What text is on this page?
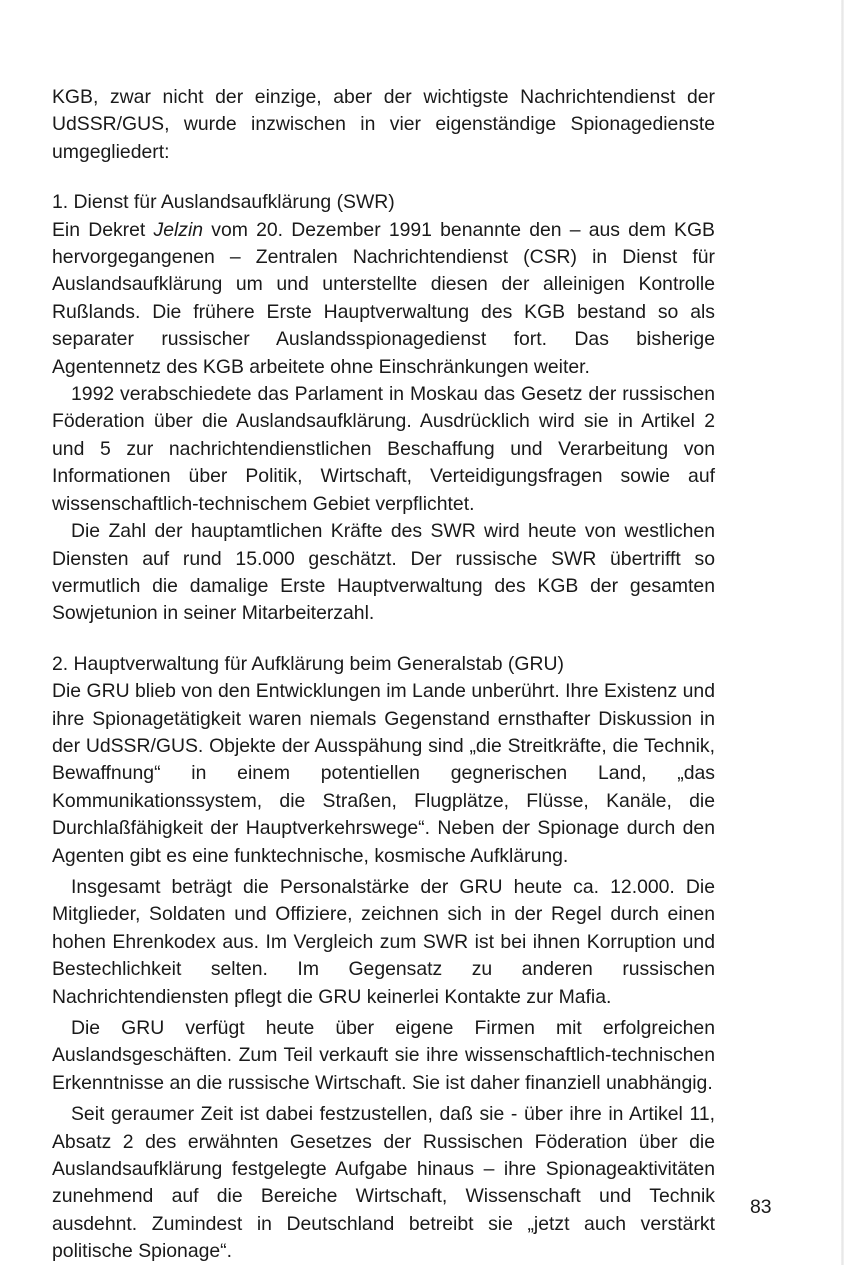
KGB, zwar nicht der einzige, aber der wichtigste Nachrichtendienst der UdSSR/GUS, wurde inzwischen in vier eigenständige Spionagedienste umgegliedert:

1. Dienst für Auslandsaufklärung (SWR)

Ein Dekret Jelzin vom 20. Dezember 1991 benannte den – aus dem KGB hervorgegangenen – Zentralen Nachrichtendienst (CSR) in Dienst für Auslandsaufklärung um und unterstellte diesen der alleinigen Kontrolle Rußlands. Die frühere Erste Hauptverwaltung des KGB bestand so als separater russischer Auslandsspionagedienst fort. Das bisherige Agentennetz des KGB arbeitete ohne Einschränkungen weiter.

1992 verabschiedete das Parlament in Moskau das Gesetz der russischen Föderation über die Auslandsaufklärung. Ausdrücklich wird sie in Artikel 2 und 5 zur nachrichtendienstlichen Beschaffung und Verarbeitung von Informationen über Politik, Wirtschaft, Verteidigungsfragen sowie auf wissenschaftlich-technischem Gebiet verpflichtet.

Die Zahl der hauptamtlichen Kräfte des SWR wird heute von westlichen Diensten auf rund 15.000 geschätzt. Der russische SWR übertrifft so vermutlich die damalige Erste Hauptverwaltung des KGB der gesamten Sowjetunion in seiner Mitarbeiterzahl.

2. Hauptverwaltung für Aufklärung beim Generalstab (GRU)

Die GRU blieb von den Entwicklungen im Lande unberührt. Ihre Existenz und ihre Spionagetätigkeit waren niemals Gegenstand ernsthafter Diskussion in der UdSSR/GUS. Objekte der Ausspähung sind „die Streitkräfte, die Technik, Bewaffnung“ in einem potentiellen gegnerischen Land, „das Kommunikationssystem, die Straßen, Flugplätze, Flüsse, Kanäle, die Durchlaßfähigkeit der Hauptverkehrswege“. Neben der Spionage durch den Agenten gibt es eine funktechnische, kosmische Aufklärung.

Insgesamt beträgt die Personalstärke der GRU heute ca. 12.000. Die Mitglieder, Soldaten und Offiziere, zeichnen sich in der Regel durch einen hohen Ehrenkodex aus. Im Vergleich zum SWR ist bei ihnen Korruption und Bestechlichkeit selten. Im Gegensatz zu anderen russischen Nachrichtendiensten pflegt die GRU keinerlei Kontakte zur Mafia.

Die GRU verfügt heute über eigene Firmen mit erfolgreichen Auslandsgeschäften. Zum Teil verkauft sie ihre wissenschaftlich-technischen Erkenntnisse an die russische Wirtschaft. Sie ist daher finanziell unabhängig.

Seit geraumer Zeit ist dabei festzustellen, daß sie - über ihre in Artikel 11, Absatz 2 des erwähnten Gesetzes der Russischen Föderation über die Auslandsaufklärung festgelegte Aufgabe hinaus – ihre Spionageaktivitäten zunehmend auf die Bereiche Wirtschaft, Wissenschaft und Technik ausdehnt. Zumindest in Deutschland betreibt sie „jetzt auch verstärkt politische Spionage“.

83
